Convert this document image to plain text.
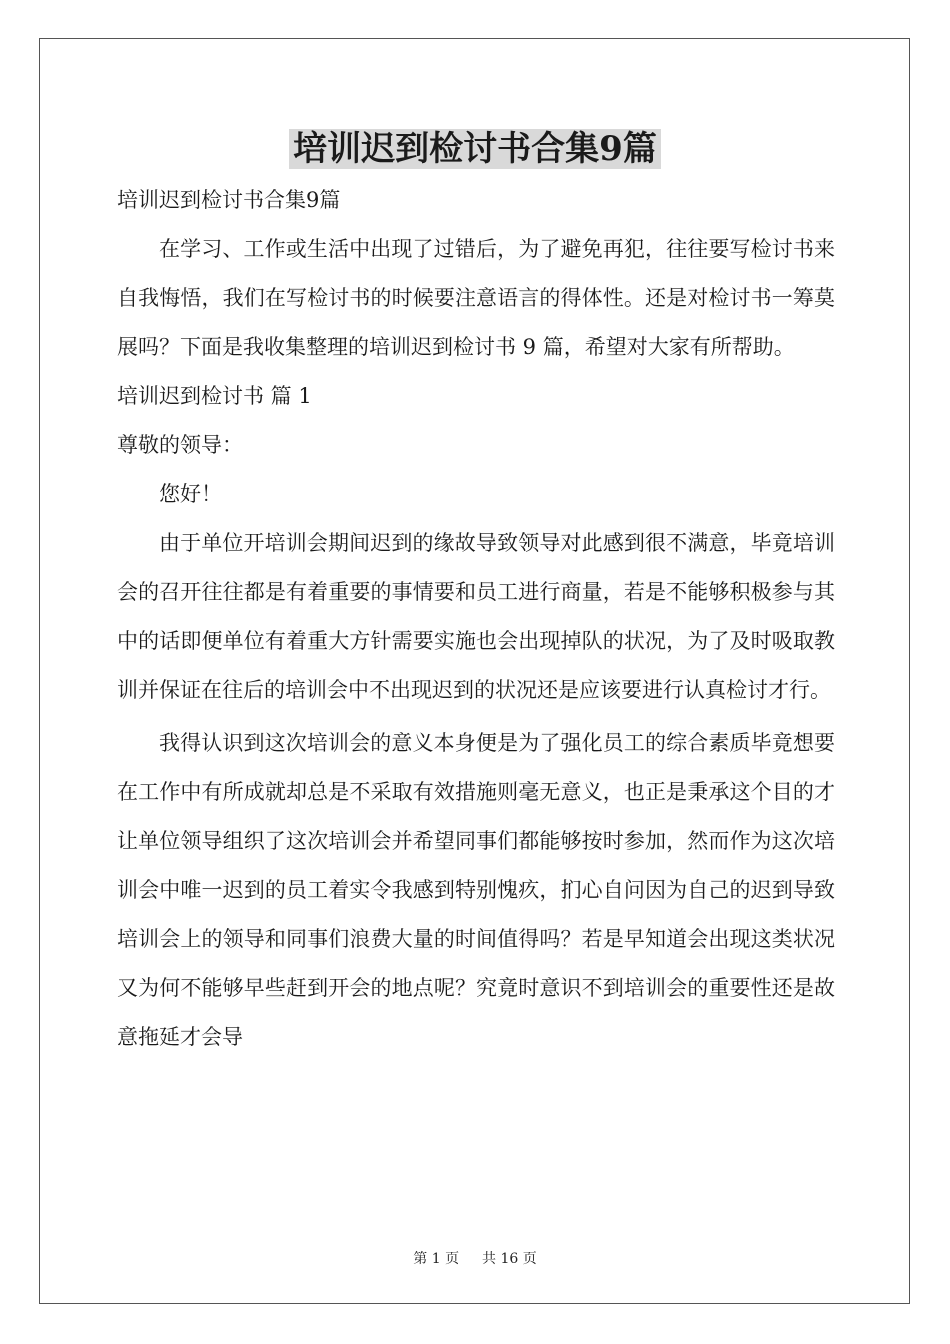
培训迟到检讨书合集9篇

培训迟到检讨书合集9篇

在学习、工作或生活中出现了过错后，为了避免再犯，往往要写检讨书来自我悔悟，我们在写检讨书的时候要注意语言的得体性。还是对检讨书一筹莫展吗？下面是我收集整理的培训迟到检讨书 9 篇，希望对大家有所帮助。

培训迟到检讨书 篇 1

尊敬的领导：

您好！

由于单位开培训会期间迟到的缘故导致领导对此感到很不满意，毕竟培训会的召开往往都是有着重要的事情要和员工进行商量，若是不能够积极参与其中的话即便单位有着重大方针需要实施也会出现掉队的状况，为了及时吸取教训并保证在往后的培训会中不出现迟到的状况还是应该要进行认真检讨才行。

我得认识到这次培训会的意义本身便是为了强化员工的综合素质毕竟想要在工作中有所成就却总是不采取有效措施则毫无意义，也正是秉承这个目的才让单位领导组织了这次培训会并希望同事们都能够按时参加，然而作为这次培训会中唯一迟到的员工着实令我感到特别愧疚，扪心自问因为自己的迟到导致培训会上的领导和同事们浪费大量的时间值得吗？若是早知道会出现这类状况又为何不能够早些赶到开会的地点呢？究竟时意识不到培训会的重要性还是故意拖延才会导

第 1 页 共 16 页
